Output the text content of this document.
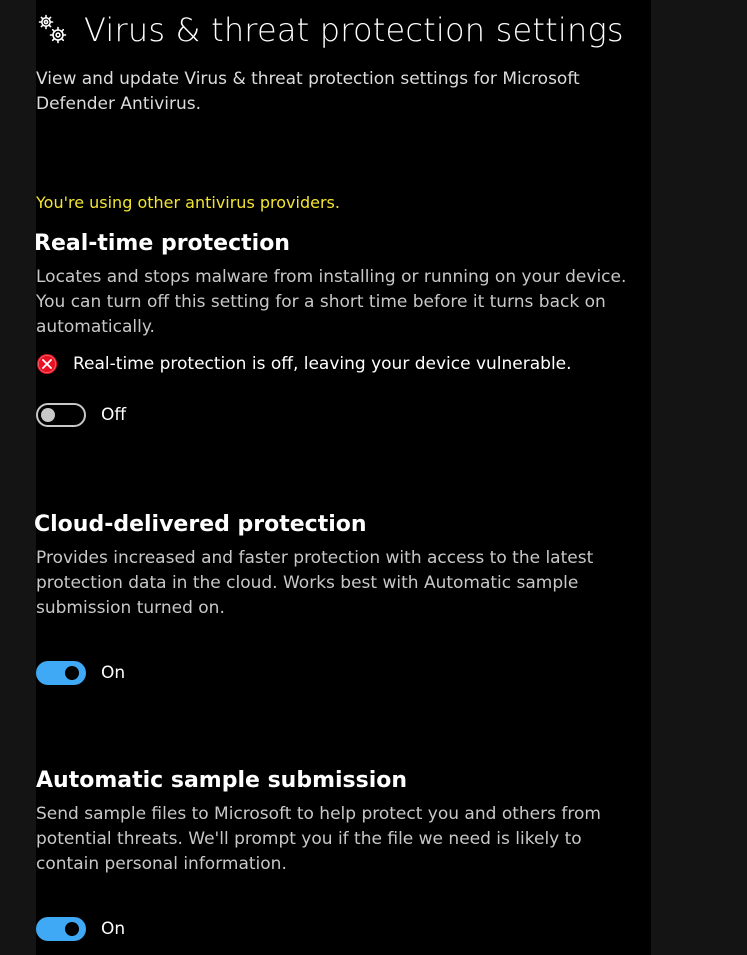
Virus & threat protection settings
View and update Virus & threat protection settings for Microsoft Defender Antivirus.
You're using other antivirus providers.
Real-time protection
Locates and stops malware from installing or running on your device. You can turn off this setting for a short time before it turns back on automatically.
Real-time protection is off, leaving your device vulnerable.
Off
Cloud-delivered protection
Provides increased and faster protection with access to the latest protection data in the cloud. Works best with Automatic sample submission turned on.
On
Automatic sample submission
Send sample files to Microsoft to help protect you and others from potential threats. We'll prompt you if the file we need is likely to contain personal information.
On
